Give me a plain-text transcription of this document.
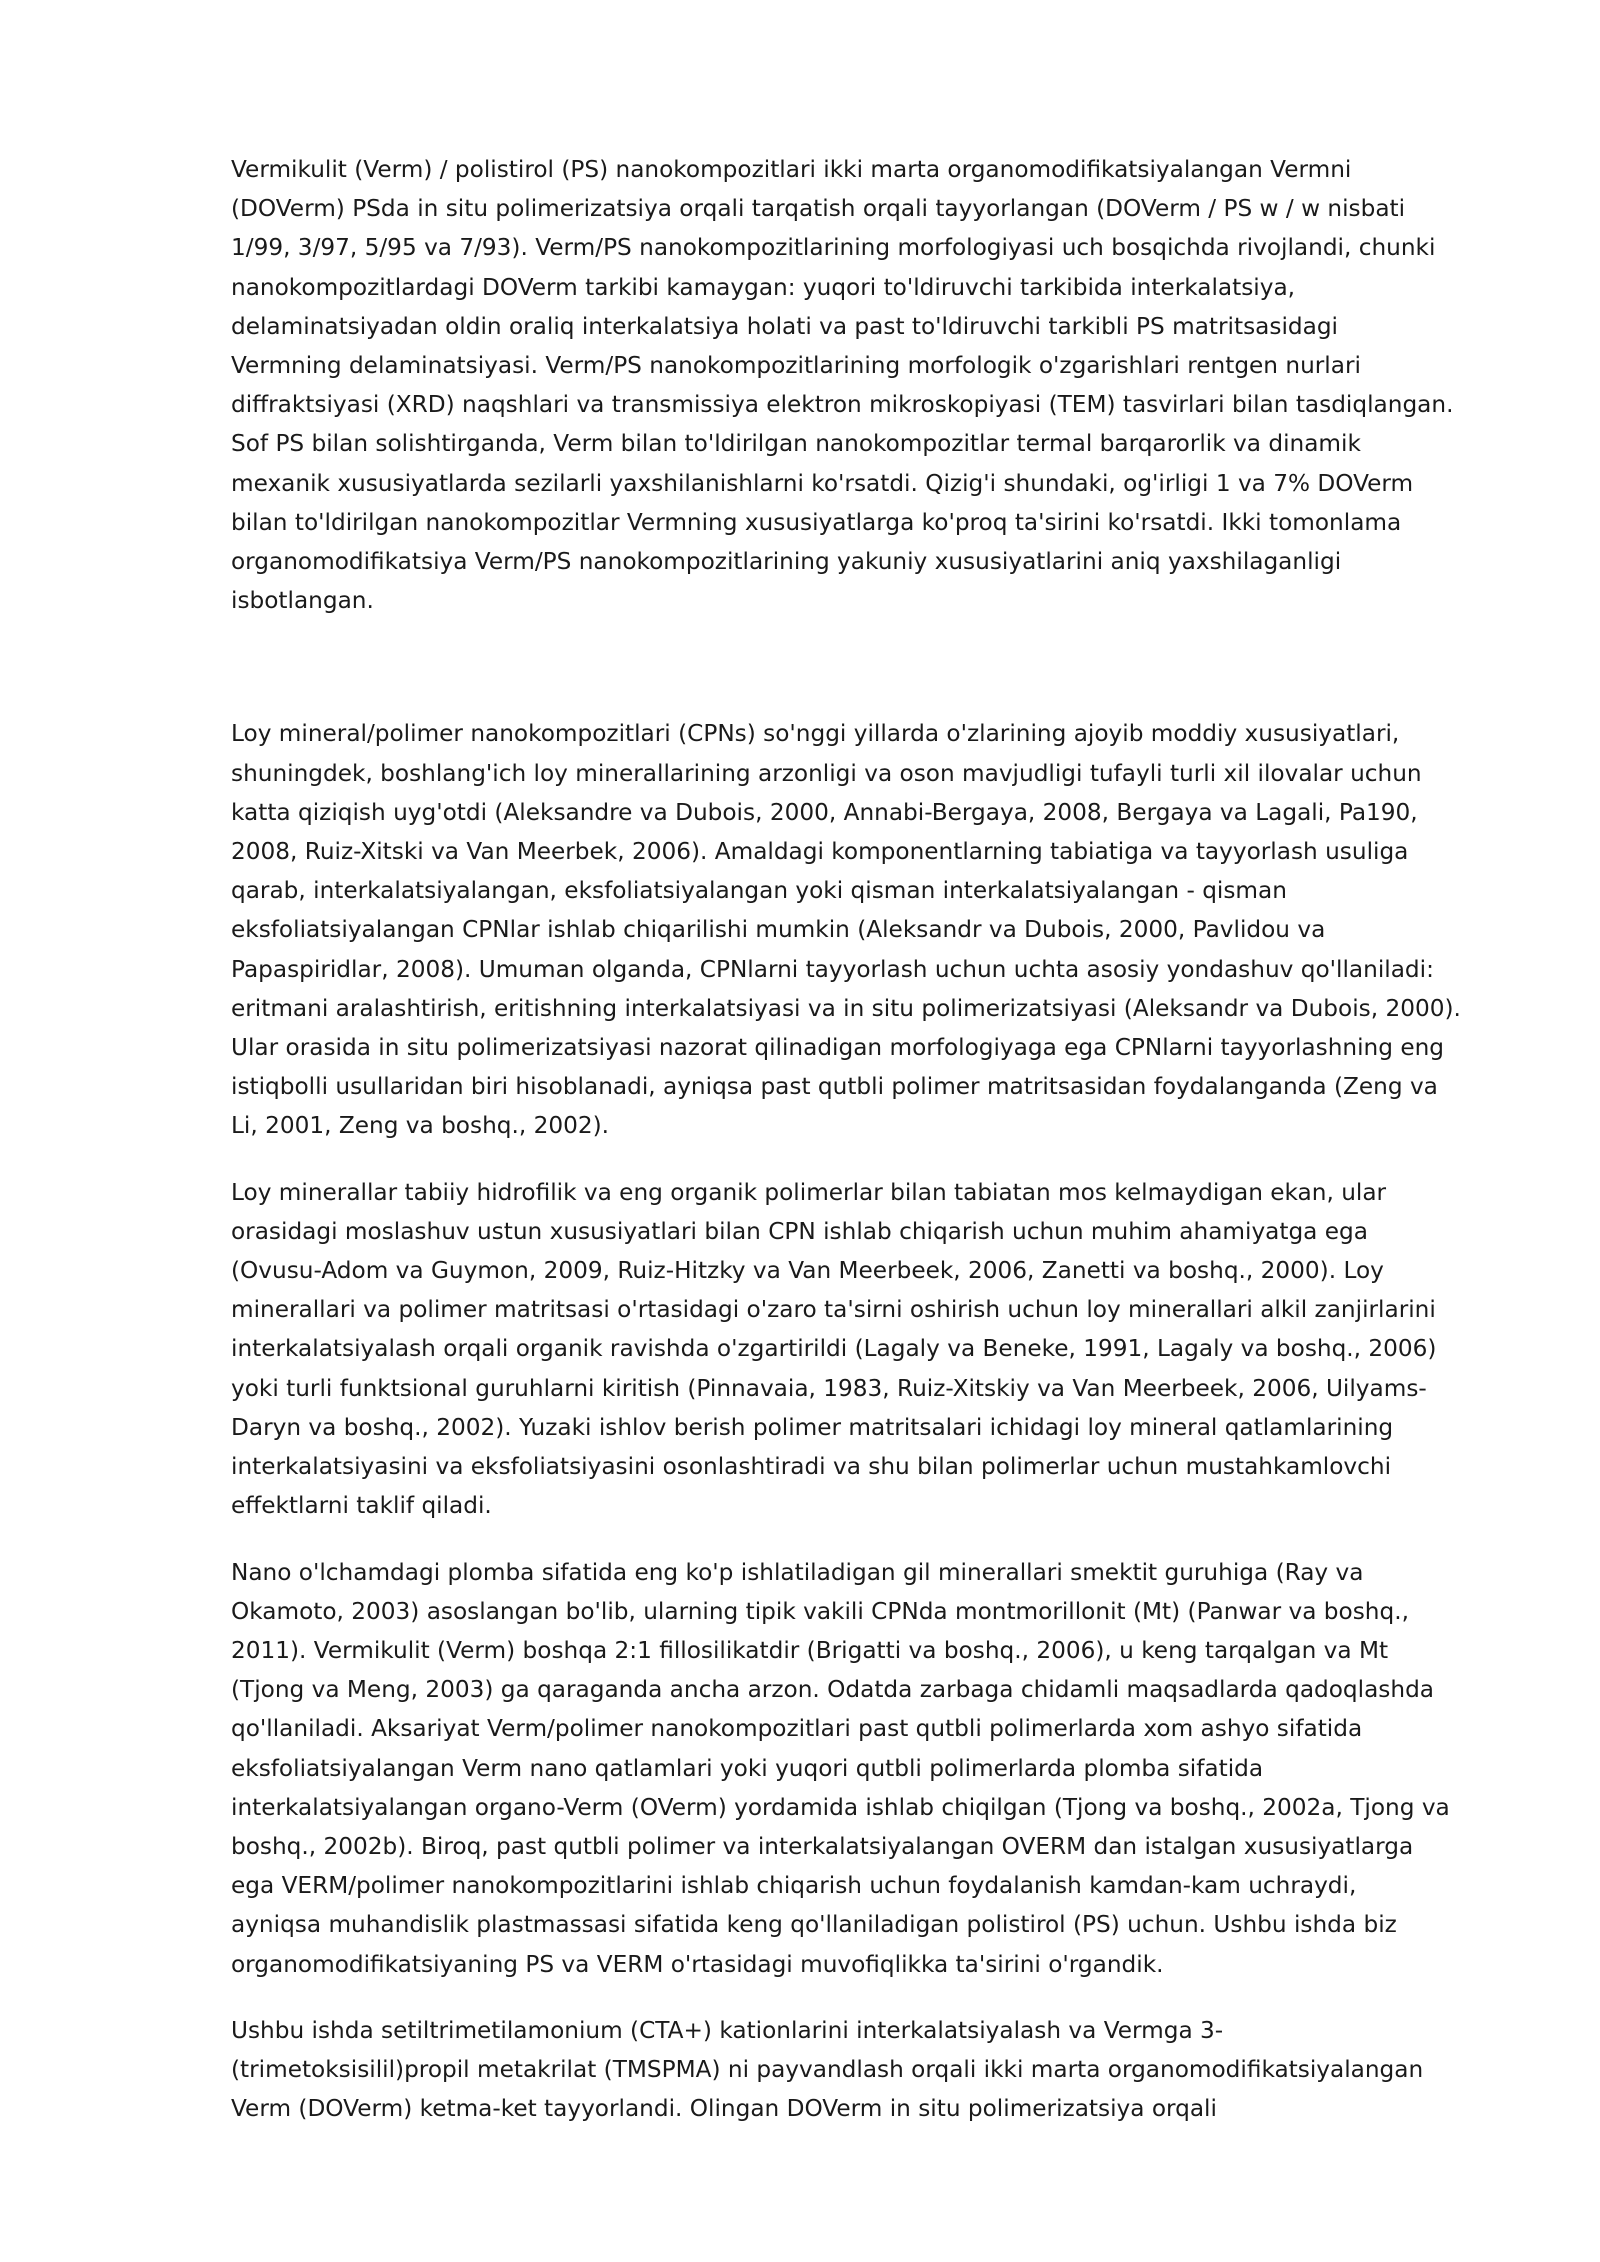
Vermikulit (Verm) / polistirol (PS) nanokompozitlari ikki marta organomodifikatsiyalangan Vermni
(DOVerm) PSda in situ polimerizatsiya orqali tarqatish orqali tayyorlangan (DOVerm / PS w / w nisbati
1/99, 3/97, 5/95 va 7/93). Verm/PS nanokompozitlarining morfologiyasi uch bosqichda rivojlandi, chunki
nanokompozitlardagi DOVerm tarkibi kamaygan: yuqori to'ldiruvchi tarkibida interkalatsiya,
delaminatsiyadan oldin oraliq interkalatsiya holati va past to'ldiruvchi tarkibli PS matritsasidagi
Vermning delaminatsiyasi. Verm/PS nanokompozitlarining morfologik o'zgarishlari rentgen nurlari
diffraktsiyasi (XRD) naqshlari va transmissiya elektron mikroskopiyasi (TEM) tasvirlari bilan tasdiqlangan.
Sof PS bilan solishtirganda, Verm bilan to'ldirilgan nanokompozitlar termal barqarorlik va dinamik
mexanik xususiyatlarda sezilarli yaxshilanishlarni ko'rsatdi. Qizig'i shundaki, og'irligi 1 va 7% DOVerm
bilan to'ldirilgan nanokompozitlar Vermning xususiyatlarga ko'proq ta'sirini ko'rsatdi. Ikki tomonlama
organomodifikatsiya Verm/PS nanokompozitlarining yakuniy xususiyatlarini aniq yaxshilaganligi
isbotlangan.

Loy mineral/polimer nanokompozitlari (CPNs) so'nggi yillarda o'zlarining ajoyib moddiy xususiyatlari,
shuningdek, boshlang'ich loy minerallarining arzonligi va oson mavjudligi tufayli turli xil ilovalar uchun
katta qiziqish uyg'otdi (Aleksandre va Dubois, 2000, Annabi-Bergaya, 2008, Bergaya va Lagali, Pa190,
2008, Ruiz-Xitski va Van Meerbek, 2006). Amaldagi komponentlarning tabiatiga va tayyorlash usuliga
qarab, interkalatsiyalangan, eksfoliatsiyalangan yoki qisman interkalatsiyalangan - qisman
eksfoliatsiyalangan CPNlar ishlab chiqarilishi mumkin (Aleksandr va Dubois, 2000, Pavlidou va
Papaspiridlar, 2008). Umuman olganda, CPNlarni tayyorlash uchun uchta asosiy yondashuv qo'llaniladi:
eritmani aralashtirish, eritishning interkalatsiyasi va in situ polimerizatsiyasi (Aleksandr va Dubois, 2000).
Ular orasida in situ polimerizatsiyasi nazorat qilinadigan morfologiyaga ega CPNlarni tayyorlashning eng
istiqbolli usullaridan biri hisoblanadi, ayniqsa past qutbli polimer matritsasidan foydalanganda (Zeng va
Li, 2001, Zeng va boshq., 2002).

Loy minerallar tabiiy hidrofilik va eng organik polimerlar bilan tabiatan mos kelmaydigan ekan, ular
orasidagi moslashuv ustun xususiyatlari bilan CPN ishlab chiqarish uchun muhim ahamiyatga ega
(Ovusu-Adom va Guymon, 2009, Ruiz-Hitzky va Van Meerbeek, 2006, Zanetti va boshq., 2000). Loy
minerallari va polimer matritsasi o'rtasidagi o'zaro ta'sirni oshirish uchun loy minerallari alkil zanjirlarini
interkalatsiyalash orqali organik ravishda o'zgartirildi (Lagaly va Beneke, 1991, Lagaly va boshq., 2006)
yoki turli funktsional guruhlarni kiritish (Pinnavaia, 1983, Ruiz-Xitskiy va Van Meerbeek, 2006, Uilyams-
Daryn va boshq., 2002). Yuzaki ishlov berish polimer matritsalari ichidagi loy mineral qatlamlarining
interkalatsiyasini va eksfoliatsiyasini osonlashtiradi va shu bilan polimerlar uchun mustahkamlovchi
effektlarni taklif qiladi.

Nano o'lchamdagi plomba sifatida eng ko'p ishlatiladigan gil minerallari smektit guruhiga (Ray va
Okamoto, 2003) asoslangan bo'lib, ularning tipik vakili CPNda montmorillonit (Mt) (Panwar va boshq.,
2011). Vermikulit (Verm) boshqa 2:1 fillosilikatdir (Brigatti va boshq., 2006), u keng tarqalgan va Mt
(Tjong va Meng, 2003) ga qaraganda ancha arzon. Odatda zarbaga chidamli maqsadlarda qadoqlashda
qo'llaniladi. Aksariyat Verm/polimer nanokompozitlari past qutbli polimerlarda xom ashyo sifatida
eksfoliatsiyalangan Verm nano qatlamlari yoki yuqori qutbli polimerlarda plomba sifatida
interkalatsiyalangan organo-Verm (OVerm) yordamida ishlab chiqilgan (Tjong va boshq., 2002a, Tjong va
boshq., 2002b). Biroq, past qutbli polimer va interkalatsiyalangan OVERM dan istalgan xususiyatlarga
ega VERM/polimer nanokompozitlarini ishlab chiqarish uchun foydalanish kamdan-kam uchraydi,
ayniqsa muhandislik plastmassasi sifatida keng qo'llaniladigan polistirol (PS) uchun. Ushbu ishda biz
organomodifikatsiyaning PS va VERM o'rtasidagi muvofiqlikka ta'sirini o'rgandik.

Ushbu ishda setiltrimetilamonium (CTA+) kationlarini interkalatsiyalash va Vermga 3-
(trimetoksisilil)propil metakrilat (TMSPMA) ni payvandlash orqali ikki marta organomodifikatsiyalangan
Verm (DOVerm) ketma-ket tayyorlandi. Olingan DOVerm in situ polimerizatsiya orqali
